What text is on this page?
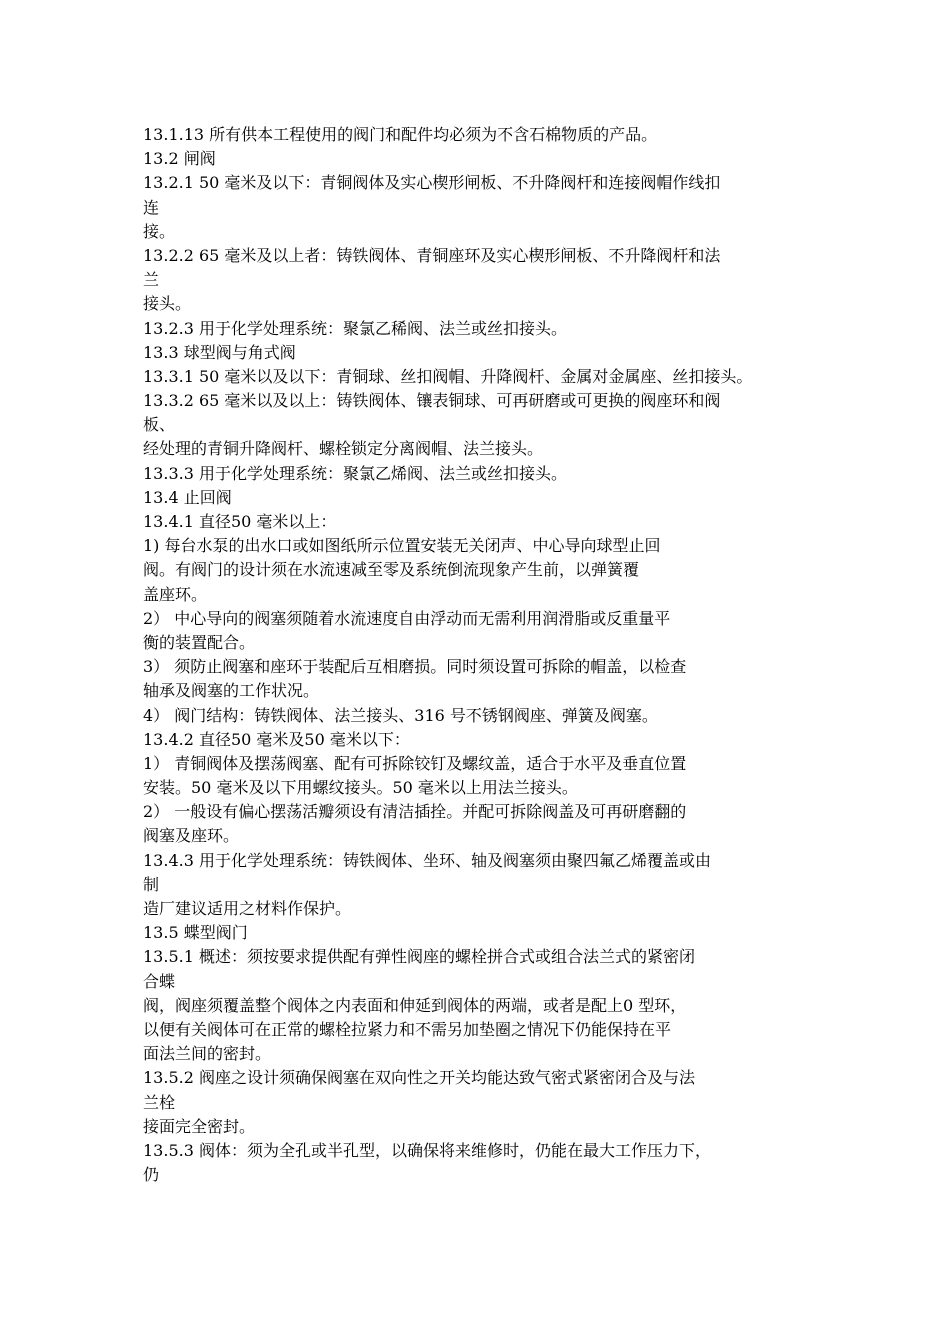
13.1.13 所有供本工程使用的阀门和配件均必须为不含石棉物质的产品。
13.2 闸阀
13.2.1 50 毫米及以下：青铜阀体及实心楔形闸板、不升降阀杆和连接阀帽作线扣
连
接。
13.2.2 65 毫米及以上者：铸铁阀体、青铜座环及实心楔形闸板、不升降阀杆和法
兰
接头。
13.2.3 用于化学处理系统：聚氯乙稀阀、法兰或丝扣接头。
13.3 球型阀与角式阀
13.3.1 50 毫米以及以下：青铜球、丝扣阀帽、升降阀杆、金属对金属座、丝扣接头。
13.3.2 65 毫米以及以上：铸铁阀体、镶表铜球、可再研磨或可更换的阀座环和阀
板、
经处理的青铜升降阀杆、螺栓锁定分离阀帽、法兰接头。
13.3.3 用于化学处理系统：聚氯乙烯阀、法兰或丝扣接头。
13.4 止回阀
13.4.1 直径50 毫米以上：
1) 每台水泵的出水口或如图纸所示位置安装无关闭声、中心导向球型止回
阀。有阀门的设计须在水流速减至零及系统倒流现象产生前，以弹簧覆
盖座环。
2） 中心导向的阀塞须随着水流速度自由浮动而无需利用润滑脂或反重量平
衡的装置配合。
3） 须防止阀塞和座环于装配后互相磨损。同时须设置可拆除的帽盖，以检查
轴承及阀塞的工作状况。
4） 阀门结构：铸铁阀体、法兰接头、316 号不锈钢阀座、弹簧及阀塞。
13.4.2 直径50 毫米及50 毫米以下：
1） 青铜阀体及摆荡阀塞、配有可拆除铰钉及螺纹盖，适合于水平及垂直位置
安装。50 毫米及以下用螺纹接头。50 毫米以上用法兰接头。
2） 一般设有偏心摆荡活瓣须设有清洁插拴。并配可拆除阀盖及可再研磨翻的
阀塞及座环。
13.4.3 用于化学处理系统：铸铁阀体、坐环、轴及阀塞须由聚四氟乙烯覆盖或由
制
造厂建议适用之材料作保护。
13.5 蝶型阀门
13.5.1 概述：须按要求提供配有弹性阀座的螺栓拼合式或组合法兰式的紧密闭
合蝶
阀，阀座须覆盖整个阀体之内表面和伸延到阀体的两端，或者是配上0 型环，
以便有关阀体可在正常的螺栓拉紧力和不需另加垫圈之情况下仍能保持在平
面法兰间的密封。
13.5.2 阀座之设计须确保阀塞在双向性之开关均能达致气密式紧密闭合及与法
兰栓
接面完全密封。
13.5.3 阀体：须为全孔或半孔型，以确保将来维修时，仍能在最大工作压力下，
仍
